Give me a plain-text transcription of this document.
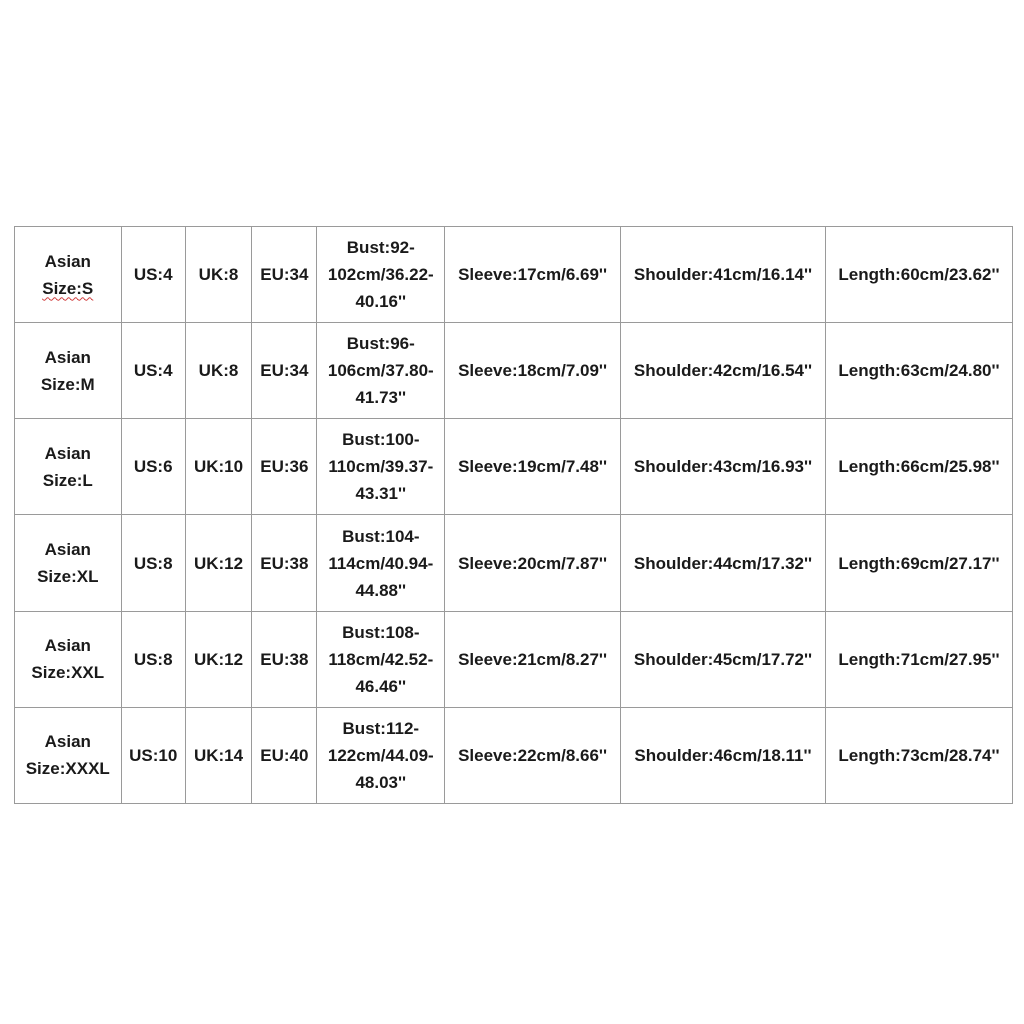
Asian
Size:S	US:4	UK:8	EU:34	Bust:92-
102cm/36.22-
40.16''	Sleeve:17cm/6.69''	Shoulder:41cm/16.14''	Length:60cm/23.62''

Asian
Size:M	US:4	UK:8	EU:34	Bust:96-
106cm/37.80-
41.73''	Sleeve:18cm/7.09''	Shoulder:42cm/16.54''	Length:63cm/24.80''

Asian
Size:L	US:6	UK:10	EU:36	Bust:100-
110cm/39.37-
43.31''	Sleeve:19cm/7.48''	Shoulder:43cm/16.93''	Length:66cm/25.98''

Asian
Size:XL	US:8	UK:12	EU:38	Bust:104-
114cm/40.94-
44.88''	Sleeve:20cm/7.87''	Shoulder:44cm/17.32''	Length:69cm/27.17''

Asian
Size:XXL	US:8	UK:12	EU:38	Bust:108-
118cm/42.52-
46.46''	Sleeve:21cm/8.27''	Shoulder:45cm/17.72''	Length:71cm/27.95''

Asian
Size:XXXL	US:10	UK:14	EU:40	Bust:112-
122cm/44.09-
48.03''	Sleeve:22cm/8.66''	Shoulder:46cm/18.11''	Length:73cm/28.74''
